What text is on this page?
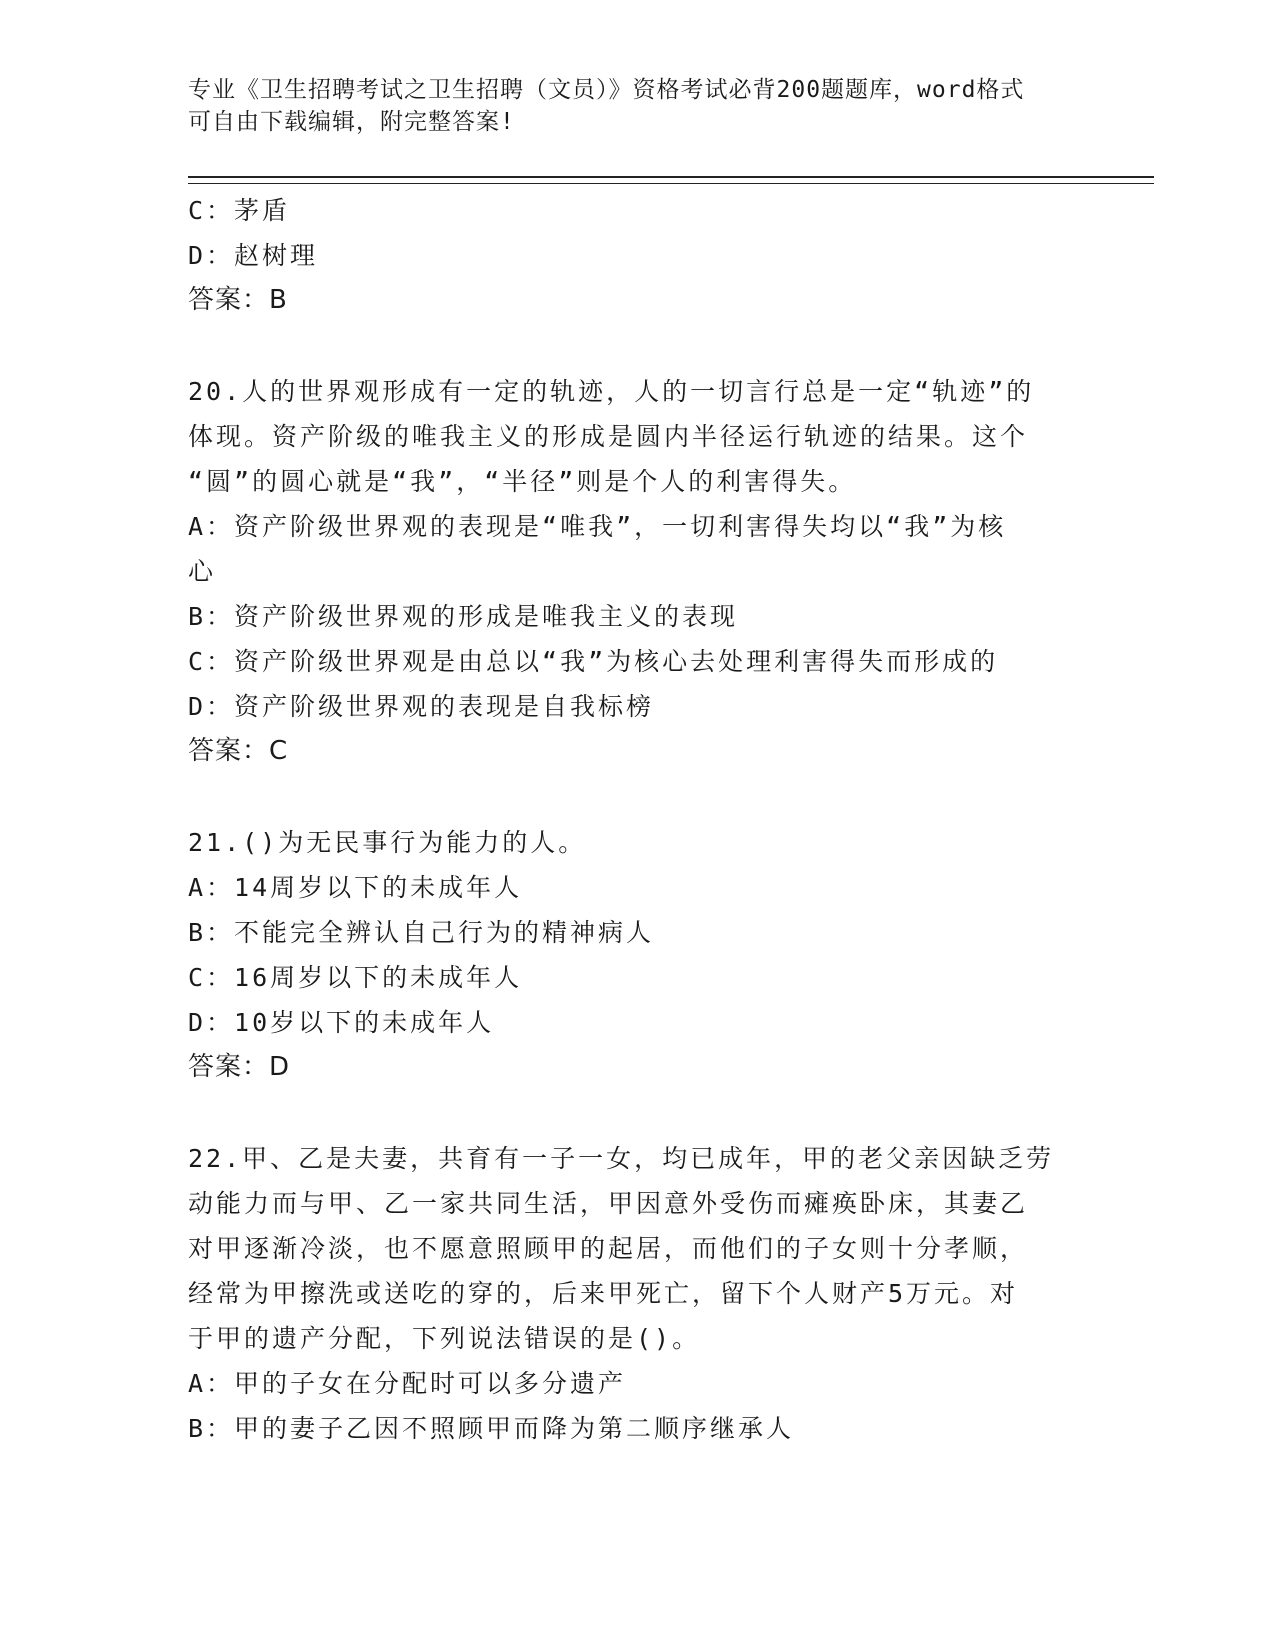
专业《卫生招聘考试之卫生招聘（文员）》资格考试必背200题题库，word格式
可自由下载编辑，附完整答案!
C：茅盾
D：赵树理
答案：B
20.人的世界观形成有一定的轨迹，人的一切言行总是一定“轨迹”的
体现。资产阶级的唯我主义的形成是圆内半径运行轨迹的结果。这个
“圆”的圆心就是“我”，“半径”则是个人的利害得失。
A：资产阶级世界观的表现是“唯我”，一切利害得失均以“我”为核
心
B：资产阶级世界观的形成是唯我主义的表现
C：资产阶级世界观是由总以“我”为核心去处理利害得失而形成的
D：资产阶级世界观的表现是自我标榜
答案：C
21.()为无民事行为能力的人。
A：14周岁以下的未成年人
B：不能完全辨认自己行为的精神病人
C：16周岁以下的未成年人
D：10岁以下的未成年人
答案：D
22.甲、乙是夫妻，共育有一子一女，均已成年，甲的老父亲因缺乏劳
动能力而与甲、乙一家共同生活，甲因意外受伤而瘫痪卧床，其妻乙
对甲逐渐冷淡，也不愿意照顾甲的起居，而他们的子女则十分孝顺，
经常为甲擦洗或送吃的穿的，后来甲死亡，留下个人财产5万元。对
于甲的遗产分配，下列说法错误的是()。
A：甲的子女在分配时可以多分遗产
B：甲的妻子乙因不照顾甲而降为第二顺序继承人
